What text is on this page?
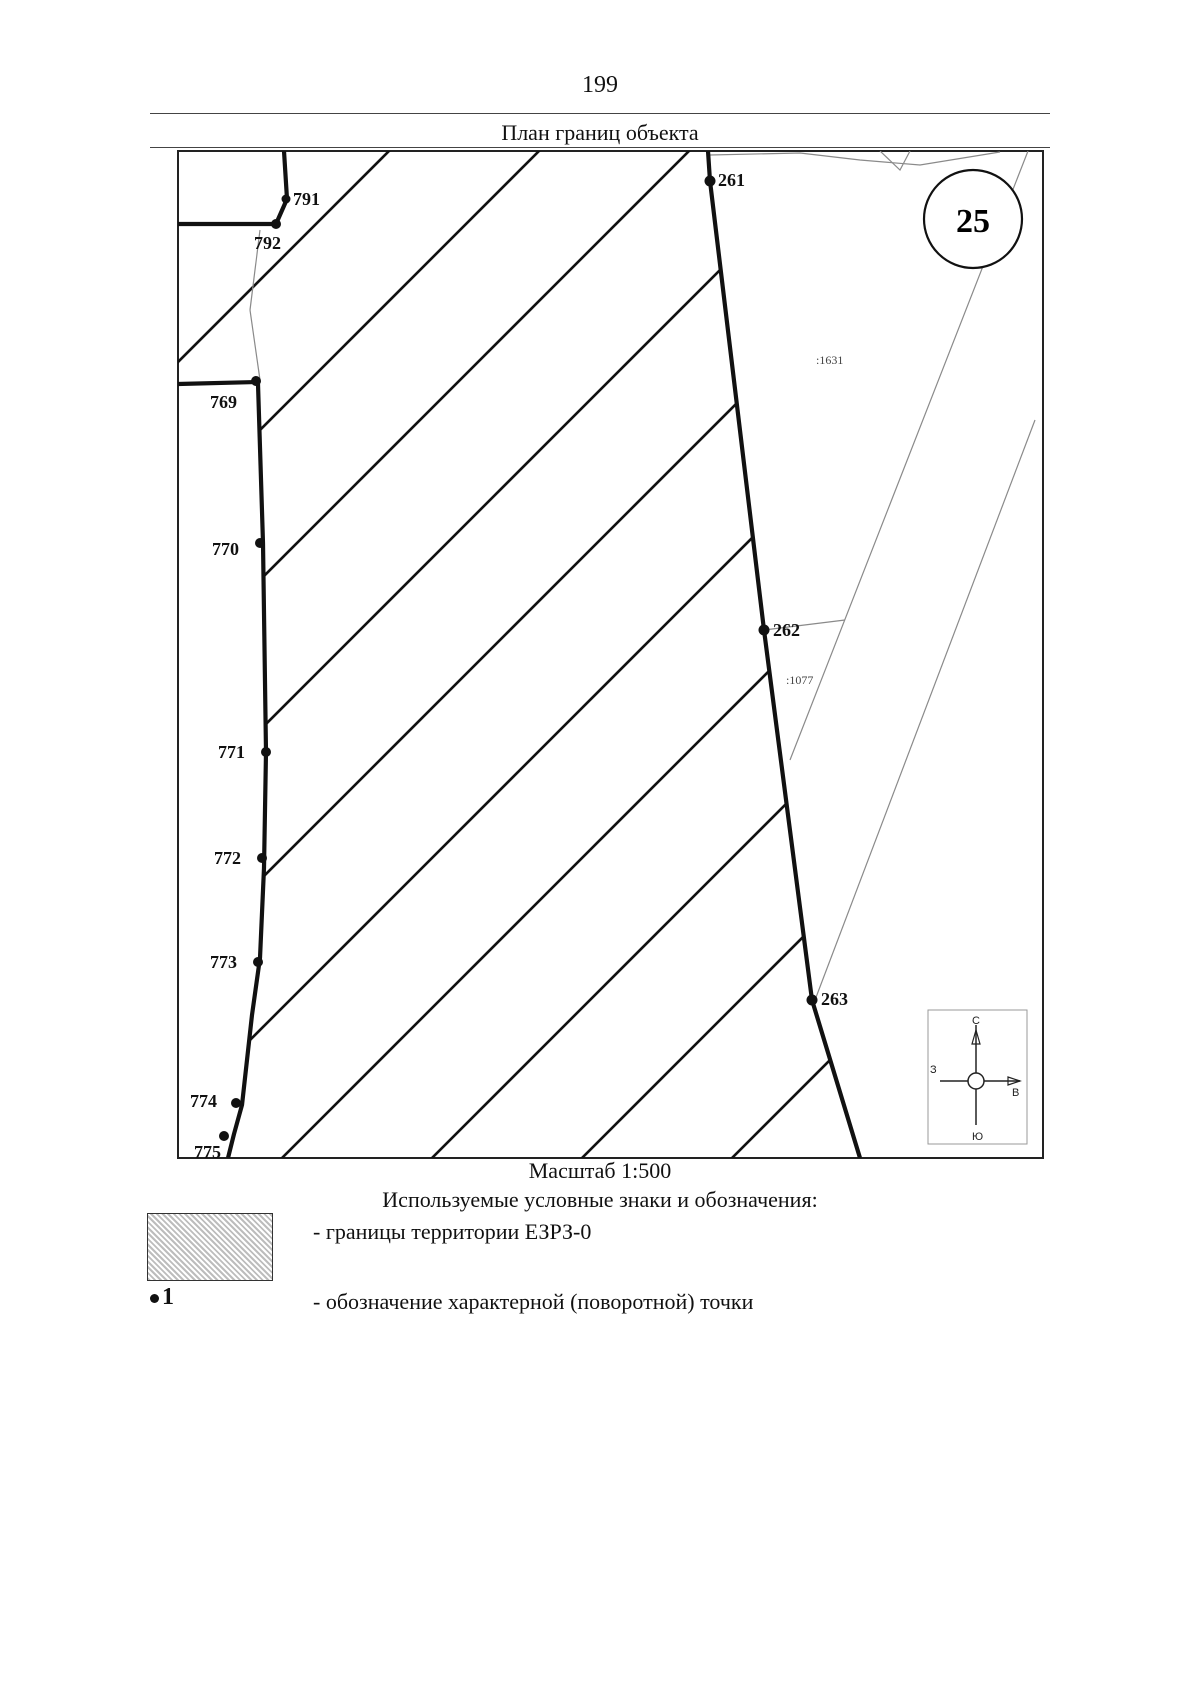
199
План границ объекта
261
262
263
769
770
771
772
773
774
775
791
792
:1631
:1077
25
С
Ю
В
З
Масштаб 1:500
Используемые условные знаки и обозначения:
- границы территории ЕЗРЗ-0
1	- обозначение характерной (поворотной) точки
